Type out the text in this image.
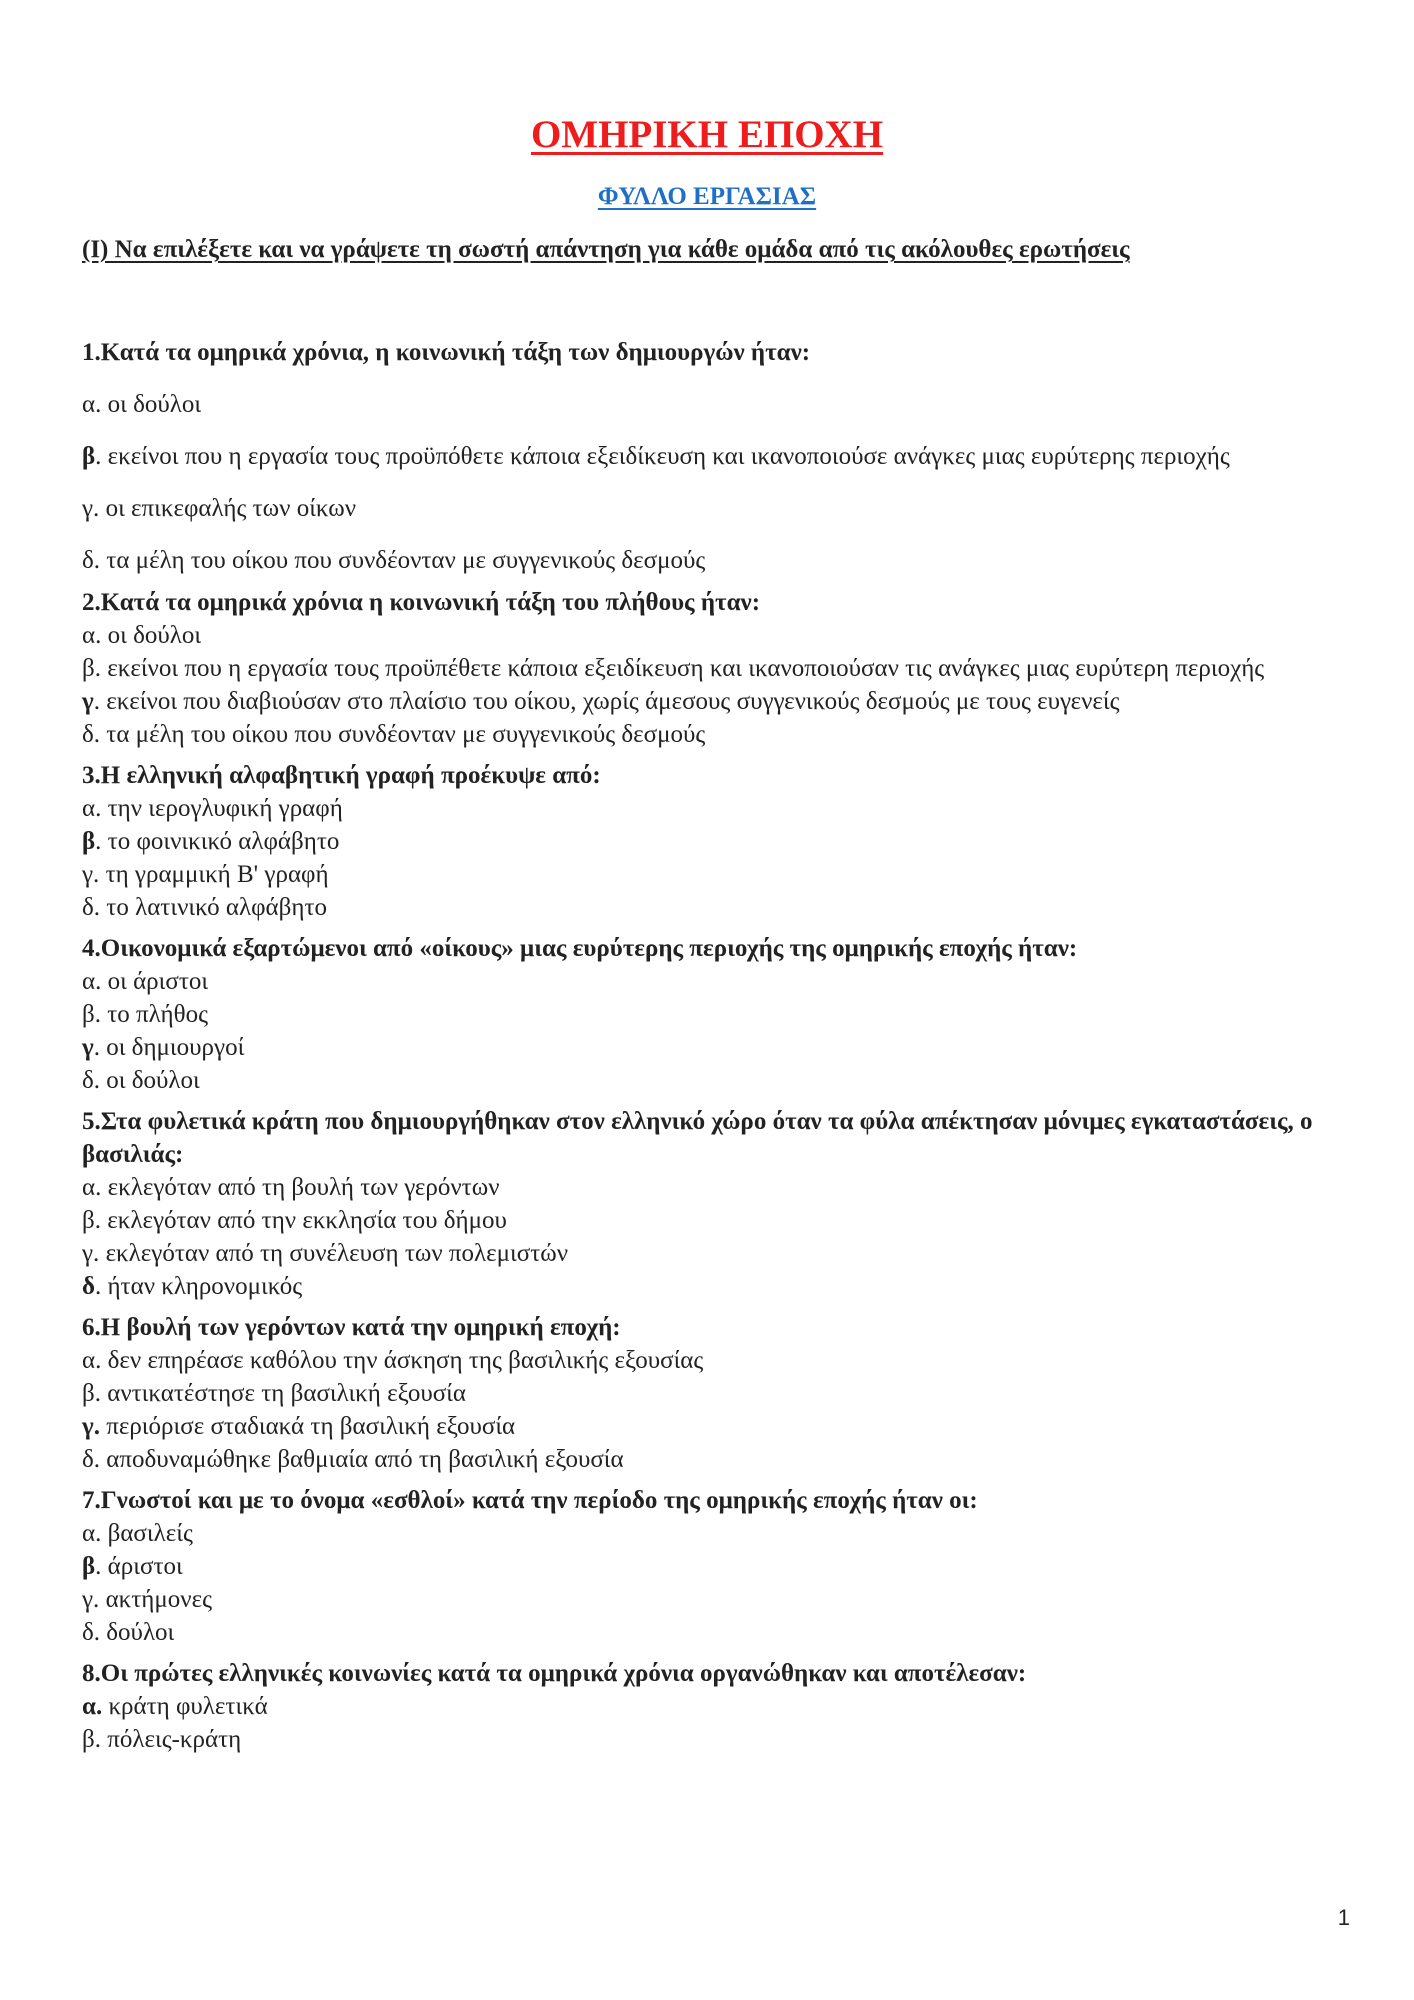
ΟΜΗΡΙΚΗ ΕΠΟΧΗ
ΦΥΛΛΟ ΕΡΓΑΣΙΑΣ

(Ι) Να επιλέξετε και να γράψετε τη σωστή απάντηση για κάθε ομάδα από τις ακόλουθες ερωτήσεις

1.Κατά τα ομηρικά χρόνια, η κοινωνική τάξη των δημιουργών ήταν:

α. οι δούλοι

β. εκείνοι που η εργασία τους προϋπόθετε κάποια εξειδίκευση και ικανοποιούσε ανάγκες μιας ευρύτερης περιοχής

γ. οι επικεφαλής των οίκων

δ. τα μέλη του οίκου που συνδέονταν με συγγενικούς δεσμούς

2.Κατά τα ομηρικά χρόνια η κοινωνική τάξη του πλήθους ήταν:

α. οι δούλοι

β. εκείνοι που η εργασία τους προϋπέθετε κάποια εξειδίκευση και ικανοποιούσαν τις ανάγκες μιας ευρύτερη περιοχής

γ. εκείνοι που διαβιούσαν στο πλαίσιο του οίκου, χωρίς άμεσους συγγενικούς δεσμούς με τους ευγενείς

δ. τα μέλη του οίκου που συνδέονταν με συγγενικούς δεσμούς

3.Η ελληνική αλφαβητική γραφή προέκυψε από:

α. την ιερογλυφική γραφή

β. το φοινικικό αλφάβητο

γ. τη γραμμική Β' γραφή

δ. το λατινικό αλφάβητο

4.Οικονομικά εξαρτώμενοι από «οίκους» μιας ευρύτερης περιοχής της ομηρικής εποχής ήταν:

α. οι άριστοι

β. το πλήθος

γ. οι δημιουργοί

δ. οι δούλοι

5.Στα φυλετικά κράτη που δημιουργήθηκαν στον ελληνικό χώρο όταν τα φύλα απέκτησαν μόνιμες εγκαταστάσεις, ο βασιλιάς:

α. εκλεγόταν από τη βουλή των γερόντων

β. εκλεγόταν από την εκκλησία του δήμου

γ. εκλεγόταν από τη συνέλευση των πολεμιστών

δ. ήταν κληρονομικός

6.Η βουλή των γερόντων κατά την ομηρική εποχή:

α. δεν επηρέασε καθόλου την άσκηση της βασιλικής εξουσίας

β. αντικατέστησε τη βασιλική εξουσία

γ. περιόρισε σταδιακά τη βασιλική εξουσία

δ. αποδυναμώθηκε βαθμιαία από τη βασιλική εξουσία

7.Γνωστοί και με το όνομα «εσθλοί» κατά την περίοδο της ομηρικής εποχής ήταν οι:

α. βασιλείς

β. άριστοι

γ. ακτήμονες

δ. δούλοι

8.Οι πρώτες ελληνικές κοινωνίες κατά τα ομηρικά χρόνια οργανώθηκαν και αποτέλεσαν:

α. κράτη φυλετικά

β. πόλεις-κράτη

1
